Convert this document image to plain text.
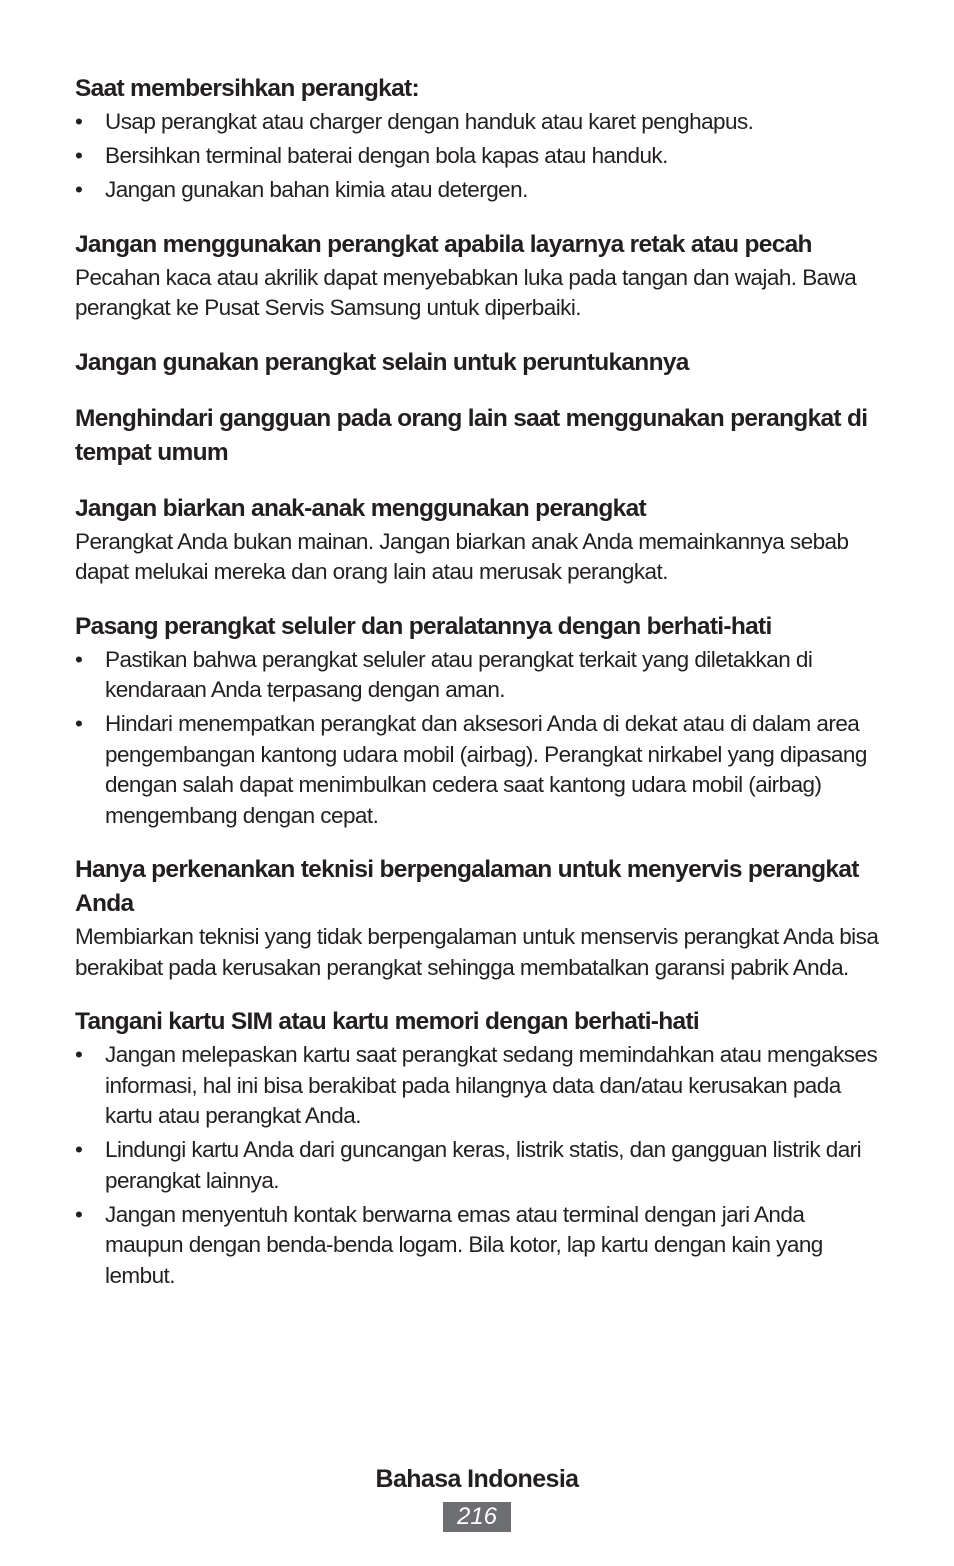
Saat membersihkan perangkat:
• Usap perangkat atau charger dengan handuk atau karet penghapus.
• Bersihkan terminal baterai dengan bola kapas atau handuk.
• Jangan gunakan bahan kimia atau detergen.
Jangan menggunakan perangkat apabila layarnya retak atau pecah

Pecahan kaca atau akrilik dapat menyebabkan luka pada tangan dan wajah. Bawa perangkat ke Pusat Servis Samsung untuk diperbaiki.

Jangan gunakan perangkat selain untuk peruntukannya
Menghindari gangguan pada orang lain saat menggunakan perangkat di tempat umum
Jangan biarkan anak-anak menggunakan perangkat

Perangkat Anda bukan mainan. Jangan biarkan anak Anda memainkannya sebab dapat melukai mereka dan orang lain atau merusak perangkat.

Pasang perangkat seluler dan peralatannya dengan berhati-hati
• Pastikan bahwa perangkat seluler atau perangkat terkait yang diletakkan di kendaraan Anda terpasang dengan aman.
• Hindari menempatkan perangkat dan aksesori Anda di dekat atau di dalam area pengembangan kantong udara mobil (airbag). Perangkat nirkabel yang dipasang dengan salah dapat menimbulkan cedera saat kantong udara mobil (airbag) mengembang dengan cepat.
Hanya perkenankan teknisi berpengalaman untuk menyervis perangkat Anda

Membiarkan teknisi yang tidak berpengalaman untuk menservis perangkat Anda bisa berakibat pada kerusakan perangkat sehingga membatalkan garansi pabrik Anda.

Tangani kartu SIM atau kartu memori dengan berhati-hati
• Jangan melepaskan kartu saat perangkat sedang memindahkan atau mengakses informasi, hal ini bisa berakibat pada hilangnya data dan/atau kerusakan pada kartu atau perangkat Anda.
• Lindungi kartu Anda dari guncangan keras, listrik statis, dan gangguan listrik dari perangkat lainnya.
• Jangan menyentuh kontak berwarna emas atau terminal dengan jari Anda maupun dengan benda-benda logam. Bila kotor, lap kartu dengan kain yang lembut.
Bahasa Indonesia
216
